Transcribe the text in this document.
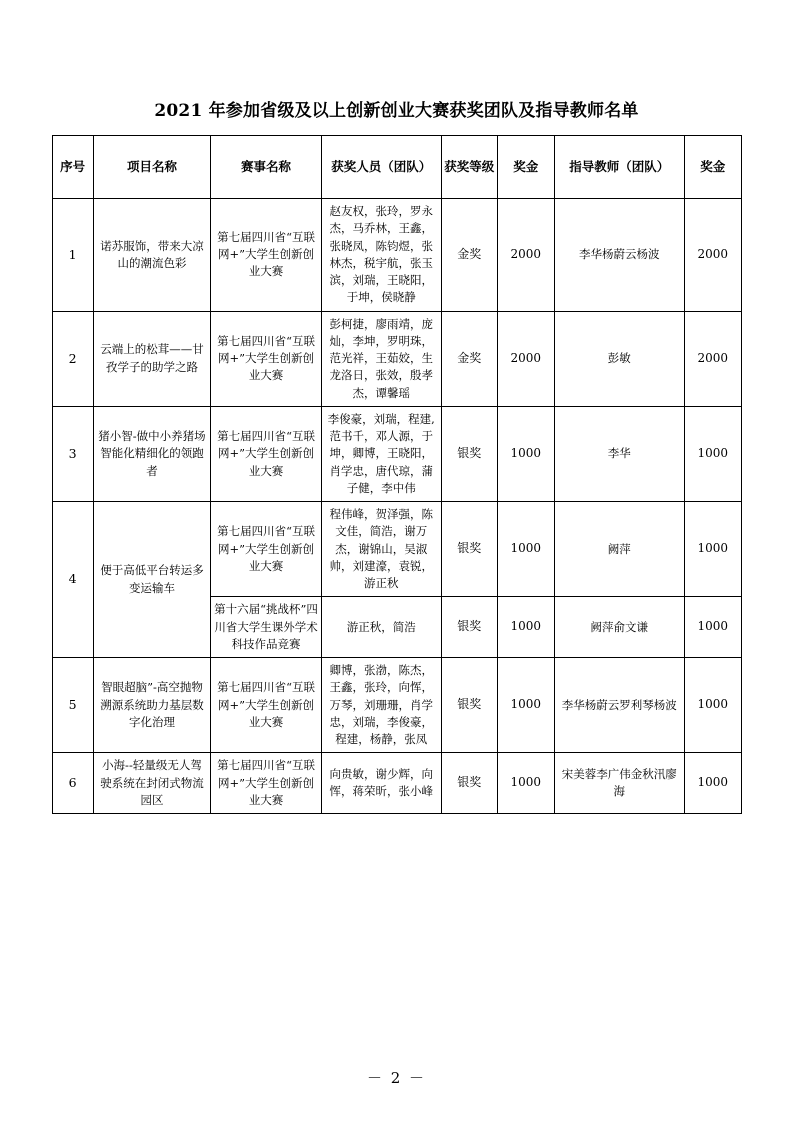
2021 年参加省级及以上创新创业大赛获奖团队及指导教师名单
序号	项目名称	赛事名称	获奖人员（团队）	获奖等级	奖金	指导教师（团队）	奖金
1	诺苏服饰，带来大凉山的潮流色彩	第七届四川省“互联网+”大学生创新创业大赛	赵友权，张玲，罗永杰，马乔林，王鑫，张晓凤，陈钧煜，张林杰，税宇航，张玉滨，刘瑞，王晓阳，于坤，侯晓静	金奖	2000	李华杨蔚云杨波	2000
2	云端上的松茸——甘孜学子的助学之路	第七届四川省“互联网+”大学生创新创业大赛	彭柯捷，廖雨靖，庞灿，李坤，罗明珠，范光祥，王茹姣，生龙洛日，张效，殷孝杰，谭馨瑶	金奖	2000	彭敏	2000
3	猪小智-做中小养猪场智能化精细化的领跑者	第七届四川省“互联网+”大学生创新创业大赛	李俊豪，刘瑞，程建,范书千，邓人源，于坤，卿博，王晓阳，肖学忠，唐代琼，蒲子健，李中伟	银奖	1000	李华	1000
4	便于高低平台转运多变运输车	第七届四川省“互联网+”大学生创新创业大赛	程伟峰，贺泽强，陈文佳，简浩，谢万杰，谢锦山，吴淑帅，刘建濠，袁锐，游正秋	银奖	1000	阙萍	1000
		第十六届“挑战杯”四川省大学生课外学术科技作品竞赛	游正秋，简浩	银奖	1000	阙萍俞文谦	1000
5	智眼超脑”-高空抛物溯源系统助力基层数字化治理	第七届四川省“互联网+”大学生创新创业大赛	卿博，张渤，陈杰，王鑫，张玲，向恽，万琴，刘珊珊，肖学忠，刘瑞，李俊豪，程建，杨静，张凤	银奖	1000	李华杨蔚云罗利琴杨波	1000
6	小海--轻量级无人驾驶系统在封闭式物流园区	第七届四川省“互联网+”大学生创新创业大赛	向贵敏，谢少辉，向恽，蒋荣昕，张小峰	银奖	1000	宋美蓉李广伟金秋汛廖海	1000
－ 2 －
